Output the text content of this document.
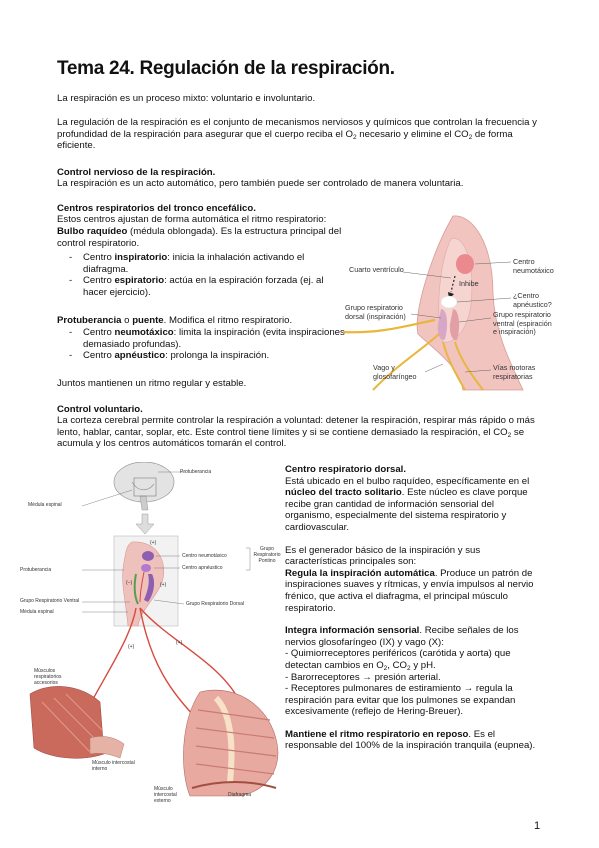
Tema 24. Regulación de la respiración.

La respiración es un proceso mixto: voluntario e involuntario.

La regulación de la respiración es el conjunto de mecanismos nerviosos y químicos que controlan la frecuencia y profundidad de la respiración para asegurar que el cuerpo reciba el $O_2$ necesario y elimine el $CO_2$ de forma eficiente.

Control nervioso de la respiración.

La respiración es un acto automático, pero también puede ser controlado de manera voluntaria.

Centros respiratorios del tronco encefálico.

Estos centros ajustan de forma automática el ritmo respiratorio:

Bulbo raquídeo (médula oblongada). Es la estructura principal del control respiratorio.

- Centro inspiratorio: inicia la inhalación activando el diafragma.
- Centro espiratorio: actúa en la espiración forzada (ej. al hacer ejercicio).

Protuberancia o puente. Modifica el ritmo respiratorio.

- Centro neumotáxico: limita la inspiración (evita inspiraciones demasiado profundas).
- Centro apnéustico: prolonga la inspiración.

Juntos mantienen un ritmo regular y estable.

Cuarto ventrículo
Centro neumotáxico
Inhibe
¿Centro apnéustico?
Grupo respiratorio dorsal (inspiración)	Grupo respiratorio ventral (espiración e inspiración)
Vago y glosofaríngeo
Vías motoras respiratorias

Control voluntario.

La corteza cerebral permite controlar la respiración a voluntad: detener la respiración, respirar más rápido o más lento, hablar, cantar, soplar, etc. Este control tiene límites y si se contiene demasiado la respiración, el $CO_2$ se acumula y los centros automáticos tomarán el control.

Protuberancia
Médula espinal
Centro neumotáxico
Centro apnéustico
Grupo Respiratorio Pontino
Protuberancia
Grupo Respiratorio Ventral
Médula espinal
Grupo Respiratorio Dorsal
(+)
(–)	(+)
(+)
(+)
Músculos respiratorios accesorios
Músculo intercostal interno
Músculo intercostal externo
Diafragma

Centro respiratorio dorsal.

Está ubicado en el bulbo raquídeo, específicamente en el núcleo del tracto solitario. Este núcleo es clave porque recibe gran cantidad de información sensorial del organismo, especialmente del sistema respiratorio y cardiovascular.

Es el generador básico de la inspiración y sus características principales son:

Regula la inspiración automática. Produce un patrón de inspiraciones suaves y rítmicas, y envía impulsos al nervio frénico, que activa el diafragma, el principal músculo respiratorio.

Integra información sensorial. Recibe señales de los nervios glosofaríngeo (IX) y vago (X):

- Quimiorreceptores periféricos (carótida y aorta) que detectan cambios en $O_2$, $CO_2$ y pH.

- Barorreceptores → presión arterial.

- Receptores pulmonares de estiramiento → regula la respiración para evitar que los pulmones se expandan excesivamente (reflejo de Hering-Breuer).

Mantiene el ritmo respiratorio en reposo. Es el responsable del 100% de la inspiración tranquila (eupnea).

1
